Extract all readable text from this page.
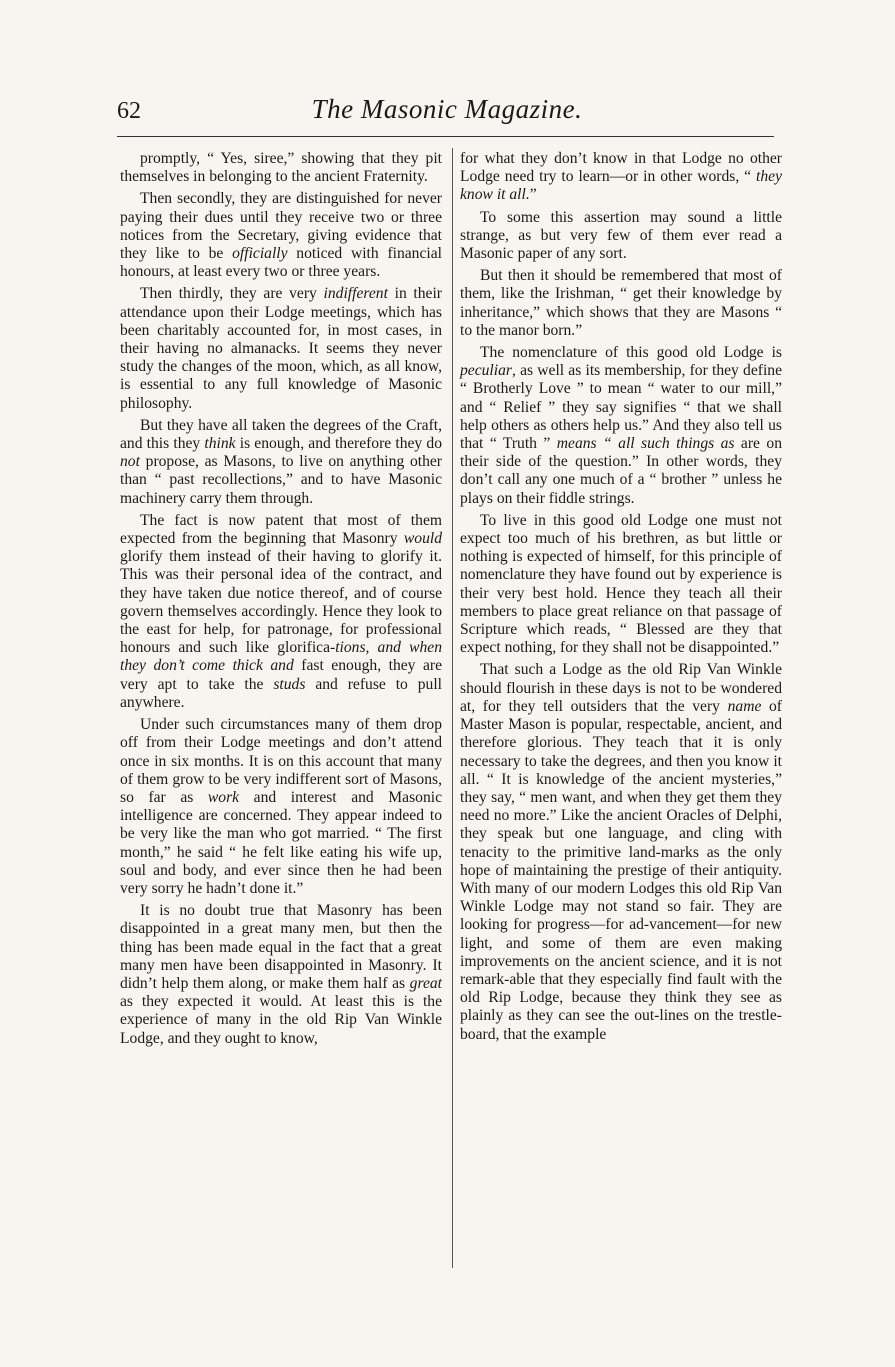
62	The Masonic Magazine.

promptly, “ Yes, siree,” showing that they pit themselves in belonging to the ancient Fraternity.

Then secondly, they are distinguished for never paying their dues until they receive two or three notices from the Secretary, giving evidence that they like to be officially noticed with financial honours, at least every two or three years.

Then thirdly, they are very indifferent in their attendance upon their Lodge meetings, which has been charitably accounted for, in most cases, in their having no almanacks. It seems they never study the changes of the moon, which, as all know, is essential to any full knowledge of Masonic philosophy.

But they have all taken the degrees of the Craft, and this they think is enough, and therefore they do not propose, as Masons, to live on anything other than “ past recollections,” and to have Masonic machinery carry them through.

The fact is now patent that most of them expected from the beginning that Masonry would glorify them instead of their having to glorify it. This was their personal idea of the contract, and they have taken due notice thereof, and of course govern themselves accordingly. Hence they look to the east for help, for patronage, for professional honours and such like glorifica-tions, and when they don’t come thick and fast enough, they are very apt to take the studs and refuse to pull anywhere.

Under such circumstances many of them drop off from their Lodge meetings and don’t attend once in six months. It is on this account that many of them grow to be very indifferent sort of Masons, so far as work and interest and Masonic intelligence are concerned. They appear indeed to be very like the man who got married. “ The first month,” he said “ he felt like eating his wife up, soul and body, and ever since then he had been very sorry he hadn’t done it.”

It is no doubt true that Masonry has been disappointed in a great many men, but then the thing has been made equal in the fact that a great many men have been disappointed in Masonry. It didn’t help them along, or make them half as great as they expected it would. At least this is the experience of many in the old Rip Van Winkle Lodge, and they ought to know,

for what they don’t know in that Lodge no other Lodge need try to learn—or in other words, “ they know it all.”

To some this assertion may sound a little strange, as but very few of them ever read a Masonic paper of any sort.

But then it should be remembered that most of them, like the Irishman, “ get their knowledge by inheritance,” which shows that they are Masons “ to the manor born.”

The nomenclature of this good old Lodge is peculiar, as well as its membership, for they define “ Brotherly Love ” to mean “ water to our mill,” and “ Relief ” they say signifies “ that we shall help others as others help us.” And they also tell us that “ Truth ” means “ all such things as are on their side of the question.” In other words, they don’t call any one much of a “ brother ” unless he plays on their fiddle strings.

To live in this good old Lodge one must not expect too much of his brethren, as but little or nothing is expected of himself, for this principle of nomenclature they have found out by experience is their very best hold. Hence they teach all their members to place great reliance on that passage of Scripture which reads, “ Blessed are they that expect nothing, for they shall not be disappointed.”

That such a Lodge as the old Rip Van Winkle should flourish in these days is not to be wondered at, for they tell outsiders that the very name of Master Mason is popular, respectable, ancient, and therefore glorious. They teach that it is only necessary to take the degrees, and then you know it all. “ It is knowledge of the ancient mysteries,” they say, “ men want, and when they get them they need no more.” Like the ancient Oracles of Delphi, they speak but one language, and cling with tenacity to the primitive land-marks as the only hope of maintaining the prestige of their antiquity. With many of our modern Lodges this old Rip Van Winkle Lodge may not stand so fair. They are looking for progress—for ad-vancement—for new light, and some of them are even making improvements on the ancient science, and it is not remark-able that they especially find fault with the old Rip Lodge, because they think they see as plainly as they can see the out-lines on the trestle-board, that the example
